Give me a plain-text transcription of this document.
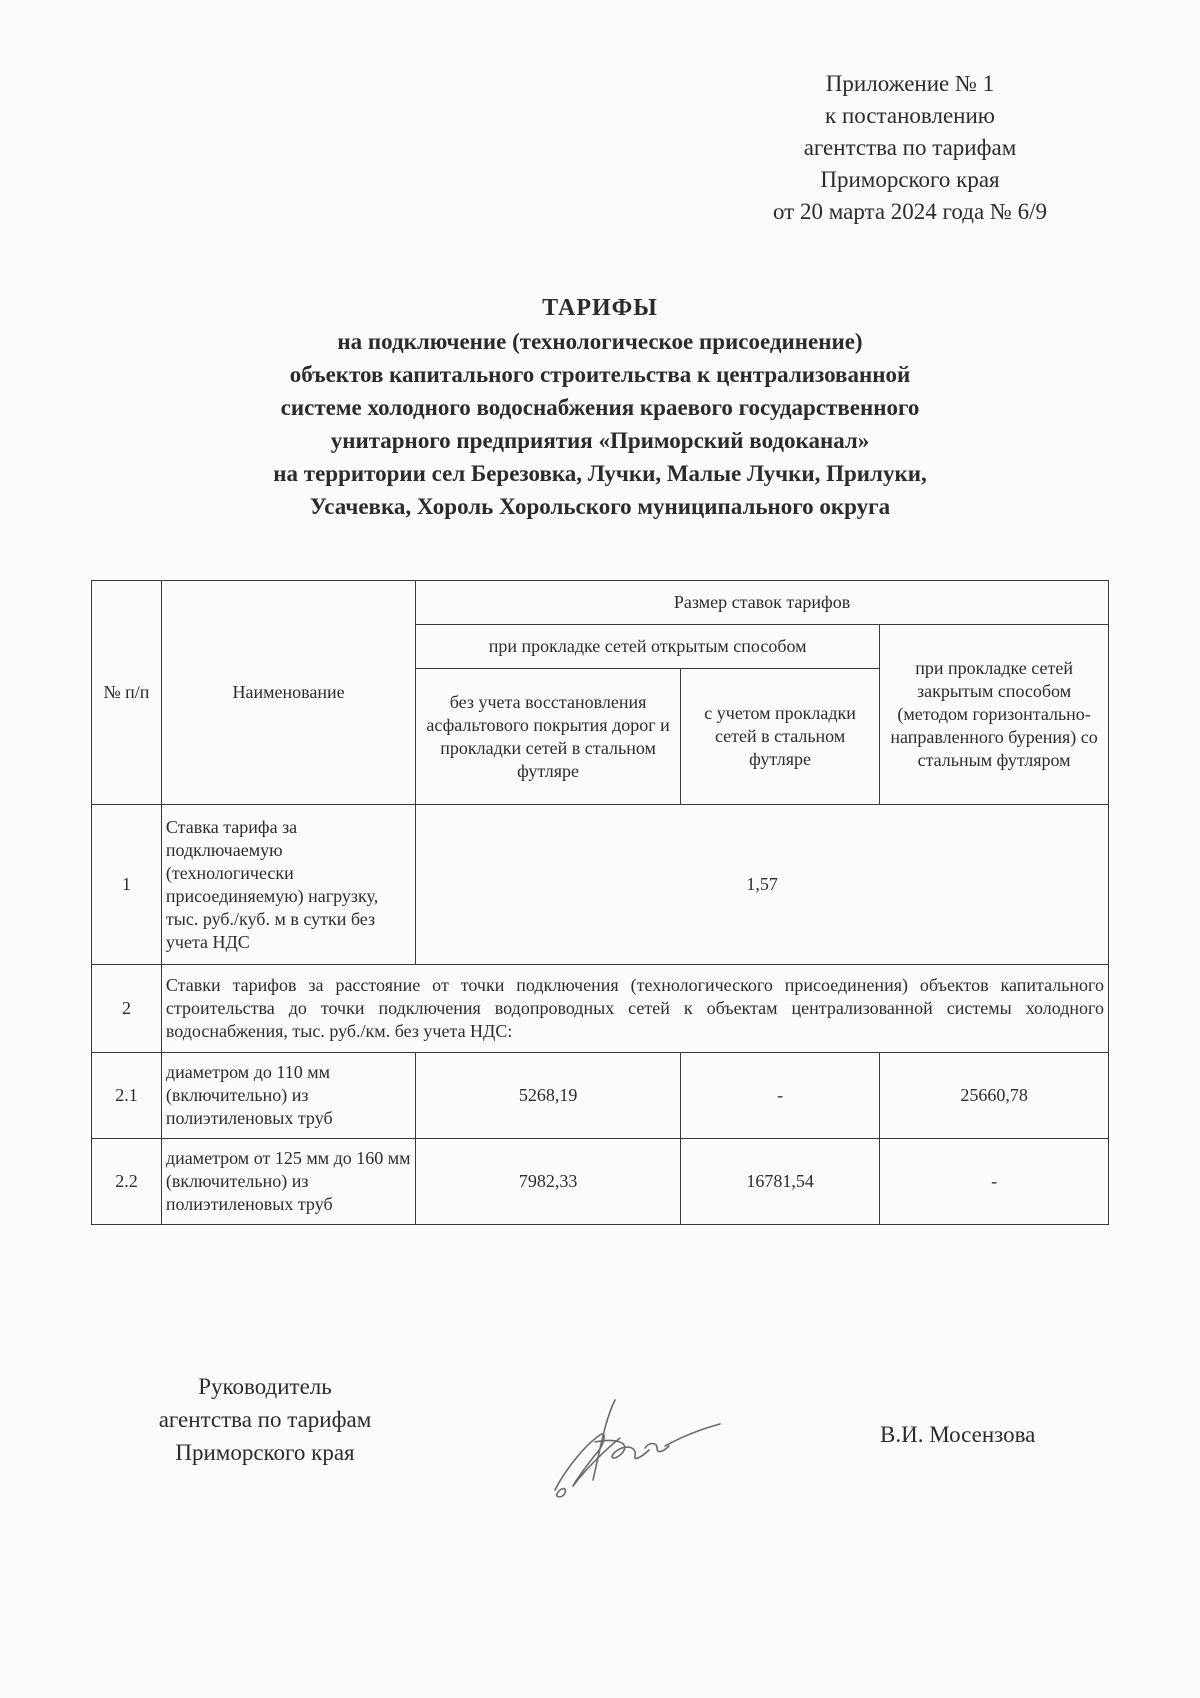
Приложение № 1
к постановлению
агентства по тарифам
Приморского края
от 20 марта 2024 года № 6/9
ТАРИФЫ
на подключение (технологическое присоединение)
объектов капитального строительства к централизованной
системе холодного водоснабжения краевого государственного
унитарного предприятия «Приморский водоканал»
на территории сел Березовка, Лучки, Малые Лучки, Прилуки,
Усачевка, Хороль Хорольского муниципального округа
№ п/п	Наименование	Размер ставок тарифов		
		при прокладке сетей открытым способом		при прокладке сетей закрытым способом (методом горизонтально-направленного бурения) со стальным футляром
		без учета восстановления асфальтового покрытия дорог и прокладки сетей в стальном футляре	с учетом прокладки сетей в стальном футляре	
1	Ставка тарифа за подключаемую (технологически присоединяемую) нагрузку, тыс. руб./куб. м в сутки без учета НДС	1,57		
2	Ставки тарифов за расстояние от точки подключения (технологического присоединения) объектов капитального строительства до точки подключения водопроводных сетей к объектам централизованной системы холодного водоснабжения, тыс. руб./км. без учета НДС:			
2.1	диаметром до 110 мм (включительно) из полиэтиленовых труб	5268,19	-	25660,78
2.2	диаметром от 125 мм до 160 мм (включительно) из полиэтиленовых труб	7982,33	16781,54	-
Руководитель
агентства по тарифам
Приморского края
В.И. Мосензова
